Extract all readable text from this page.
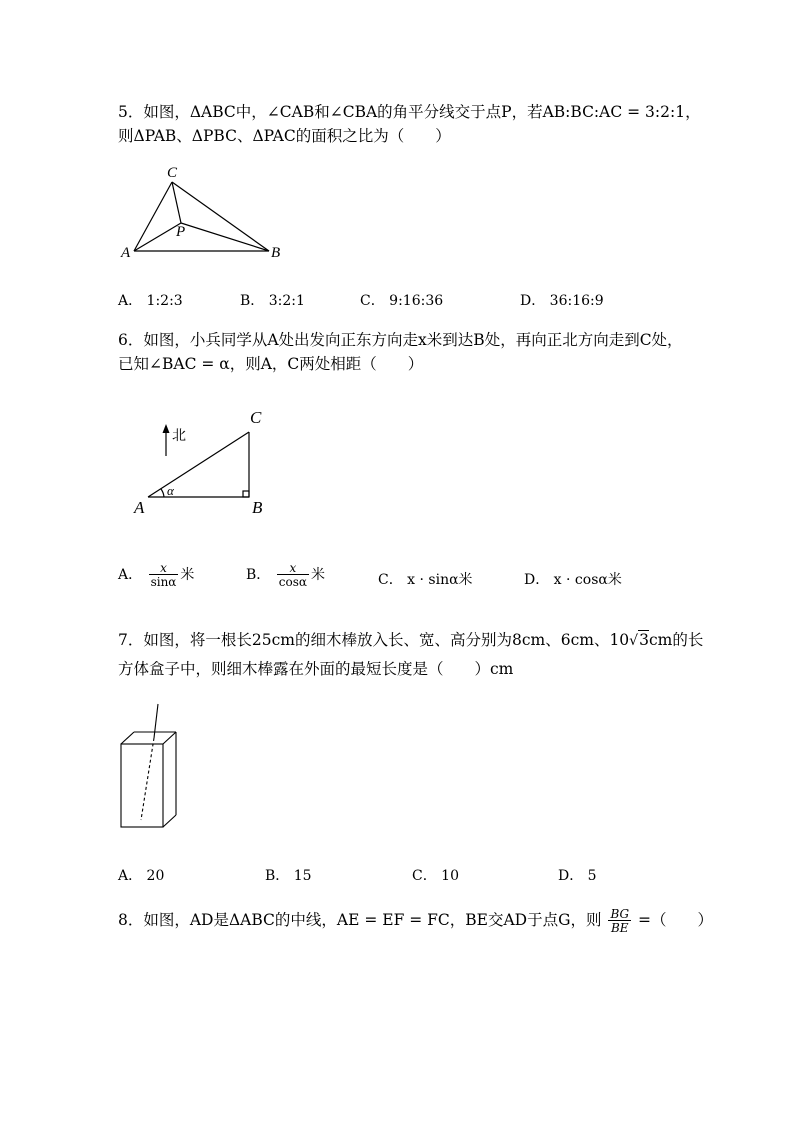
5．如图，ΔABC中，∠CAB和∠CBA的角平分线交于点P，若AB:BC:AC = 3:2:1，
则ΔPAB、ΔPBC、ΔPAC的面积之比为（　　）
C
P
A	B
A． 1:2:3	B． 3:2:1	C． 9:16:36	D． 36:16:9
6．如图，小兵同学从A处出发向正东方向走x米到达B处，再向正北方向走到C处，
已知∠BAC = α，则A，C两处相距（　　）
北
C
α
A	B
A． $\frac{x}{\sin\alpha}$ 米	B． $\frac{x}{\cos\alpha}$ 米	C． x · sinα米	D． x · cosα米
7．如图，将一根长25cm的细木棒放入长、宽、高分别为8cm、6cm、10√3cm的长
方体盒子中，则细木棒露在外面的最短长度是（　　）cm
A． 20	B． 15	C． 10	D． 5
8．如图，AD是ΔABC的中线，AE = EF = FC，BE交AD于点G，则 $\frac{BG}{BE}$ =（　　）
